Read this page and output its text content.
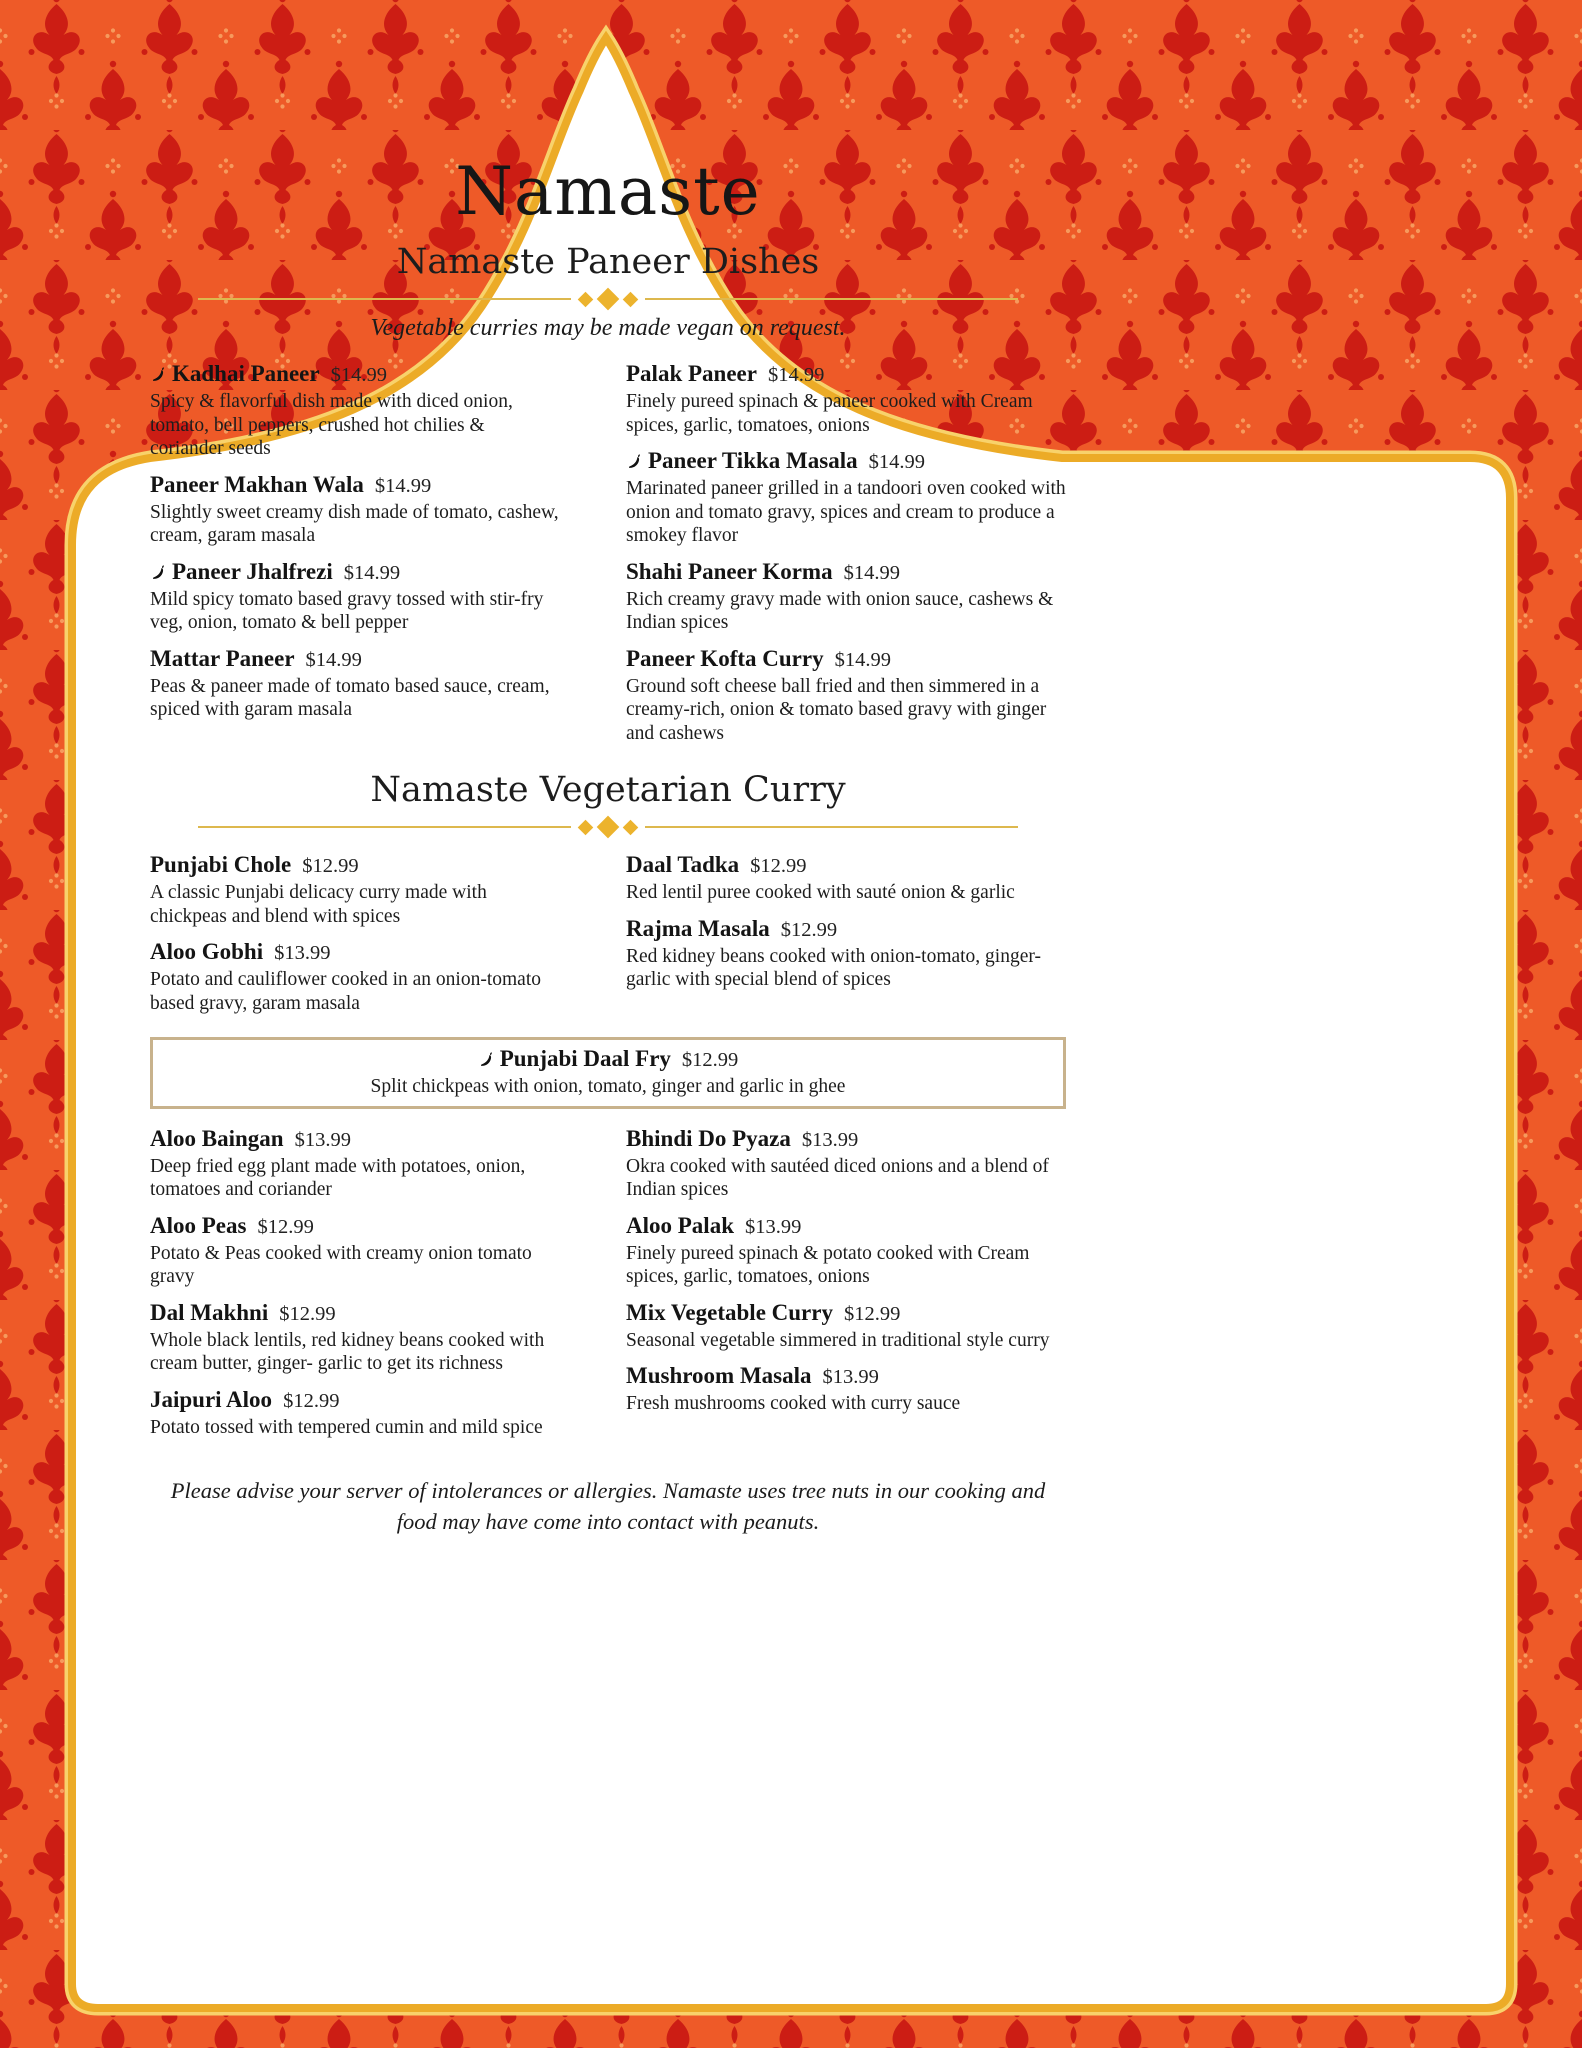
Namaste
Namaste Paneer Dishes

Vegetable curries may be made vegan on request.

Kadhai Paneer $14.99
Spicy & flavorful dish made with diced onion, tomato, bell peppers, crushed hot chilies & coriander seeds
Paneer Makhan Wala $14.99
Slightly sweet creamy dish made of tomato, cashew, cream, garam masala
Paneer Jhalfrezi $14.99
Mild spicy tomato based gravy tossed with stir-fry veg, onion, tomato & bell pepper
Mattar Paneer $14.99
Peas & paneer made of tomato based sauce, cream, spiced with garam masala
Palak Paneer $14.99
Finely pureed spinach & paneer cooked with Cream spices, garlic, tomatoes, onions
Paneer Tikka Masala $14.99
Marinated paneer grilled in a tandoori oven cooked with onion and tomato gravy, spices and cream to produce a smokey flavor
Shahi Paneer Korma $14.99
Rich creamy gravy made with onion sauce, cashews & Indian spices
Paneer Kofta Curry $14.99
Ground soft cheese ball fried and then simmered in a creamy-rich, onion & tomato based gravy with ginger and cashews
Namaste Vegetarian Curry
Punjabi Chole $12.99
A classic Punjabi delicacy curry made with chickpeas and blend with spices
Aloo Gobhi $13.99
Potato and cauliflower cooked in an onion-tomato based gravy, garam masala
Daal Tadka $12.99
Red lentil puree cooked with sauté onion & garlic
Rajma Masala $12.99
Red kidney beans cooked with onion-tomato, ginger-garlic with special blend of spices
Punjabi Daal Fry $12.99
Split chickpeas with onion, tomato, ginger and garlic in ghee
Aloo Baingan $13.99
Deep fried egg plant made with potatoes, onion, tomatoes and coriander
Aloo Peas $12.99
Potato & Peas cooked with creamy onion tomato gravy
Dal Makhni $12.99
Whole black lentils, red kidney beans cooked with cream butter, ginger- garlic to get its richness
Jaipuri Aloo $12.99
Potato tossed with tempered cumin and mild spice
Bhindi Do Pyaza $13.99
Okra cooked with sautéed diced onions and a blend of Indian spices
Aloo Palak $13.99
Finely pureed spinach & potato cooked with Cream spices, garlic, tomatoes, onions
Mix Vegetable Curry $12.99
Seasonal vegetable simmered in traditional style curry
Mushroom Masala $13.99
Fresh mushrooms cooked with curry sauce

Please advise your server of intolerances or allergies. Namaste uses tree nuts in our cooking and food may have come into contact with peanuts.
